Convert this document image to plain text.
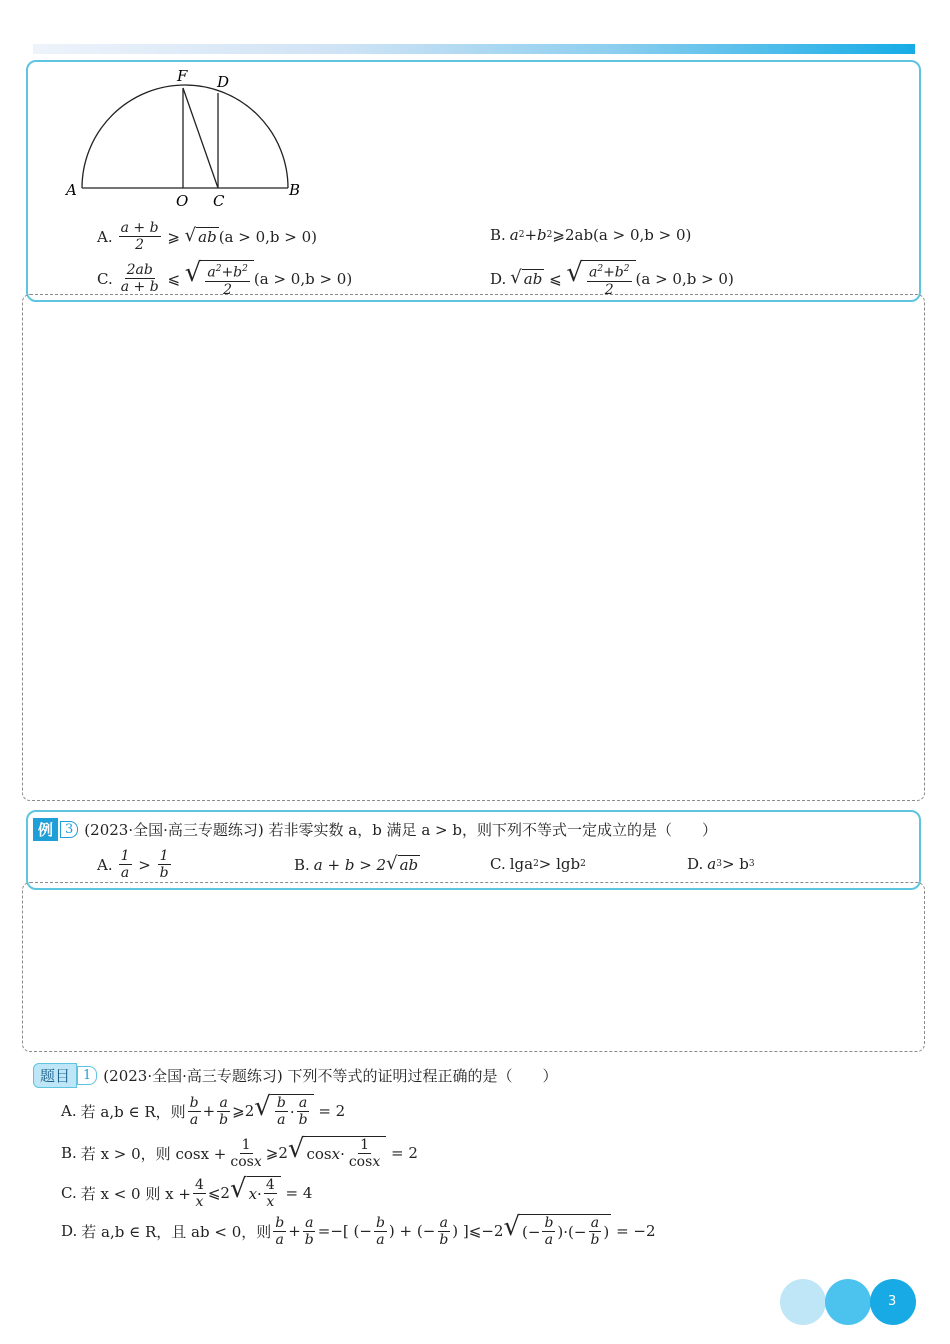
F D
A
O C
B
A. $\frac{a + b}{2}$ ⩾ √ ab (a > 0,b > 0)	B. a 2 +b 2 ⩾2ab(a > 0,b > 0)
C. $\frac{2ab}{a + b}$ ⩽ √ $\frac{a^2+b^2}{2} (a > 0,b > 0)$	D. √ ab ⩽ √ $\frac{a^2+b^2}{2} (a > 0,b > 0)$
例 3 (2023·全国·高三专题练习) 若非零实数 a，b 满足 a > b，则下列不等式一定成立的是（　　）
A. $\frac{1}{a} > \frac{1}{b}$	B. a + b > 2 √ ab	C. lga 2 > lgb 2	D. a 3 > b 3
题目	1 (2023·全国·高三专题练习) 下列不等式的证明过程正确的是（　　）
A. 若 a,b ∈ R，则 $\frac{b}{a} + \frac{a}{b}$ ⩾2 √ $\frac{b}{a} \cdot \frac{a}{b}$
= 2
B. 若 x > 0，则 $\cos x + \frac{1}{\cos x}$ ⩾2 √ $\cos x \cdot \frac{1}{\cos x}$
= 2
C. 若 x < 0 则 $x + \frac{4}{x}$ ⩽2 √ $x \cdot \frac{4}{x}$
= 4
D. 若 a,b ∈ R，且 ab < 0，则 $\frac{b}{a} + \frac{a}{b}$ =−[ (− $\frac{b}{a}$ ) + (− $\frac{a}{b}$ ) ]⩽−2 √ (− $\frac{b}{a}$ )·(− $\frac{a}{b}$ )
= −2
3
